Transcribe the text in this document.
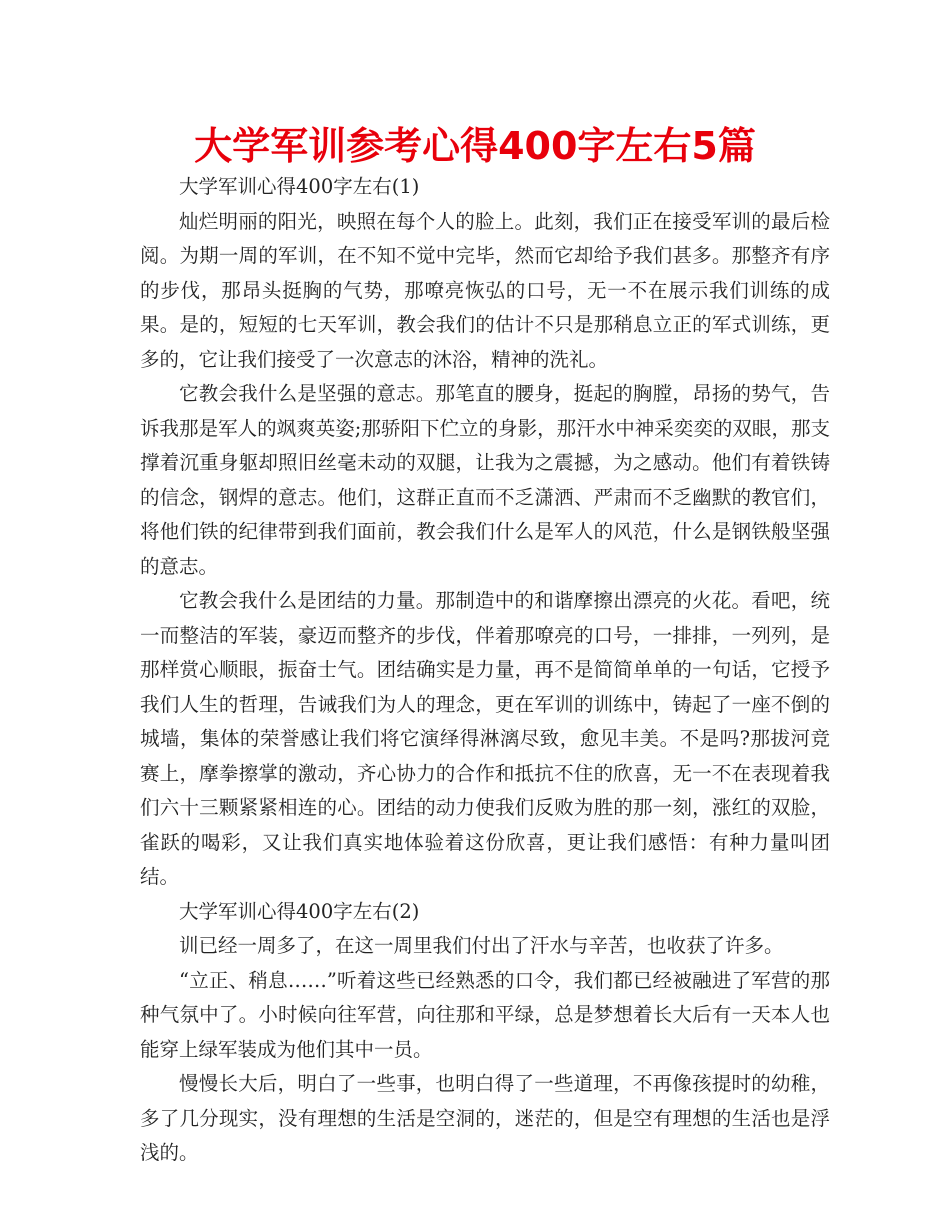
大学军训参考心得400字左右5篇

大学军训心得400字左右(1)

灿烂明丽的阳光，映照在每个人的脸上。此刻，我们正在接受军训的最后检阅。为期一周的军训，在不知不觉中完毕，然而它却给予我们甚多。那整齐有序的步伐，那昂头挺胸的气势，那嘹亮恢弘的口号，无一不在展示我们训练的成果。是的，短短的七天军训，教会我们的估计不只是那稍息立正的军式训练，更多的，它让我们接受了一次意志的沐浴，精神的洗礼。

它教会我什么是坚强的意志。那笔直的腰身，挺起的胸膛，昂扬的势气，告诉我那是军人的飒爽英姿;那骄阳下伫立的身影，那汗水中神采奕奕的双眼，那支撑着沉重身躯却照旧丝毫未动的双腿，让我为之震撼，为之感动。他们有着铁铸的信念，钢焊的意志。他们，这群正直而不乏潇洒、严肃而不乏幽默的教官们，将他们铁的纪律带到我们面前，教会我们什么是军人的风范，什么是钢铁般坚强的意志。

它教会我什么是团结的力量。那制造中的和谐摩擦出漂亮的火花。看吧，统一而整洁的军装，豪迈而整齐的步伐，伴着那嘹亮的口号，一排排，一列列，是那样赏心顺眼，振奋士气。团结确实是力量，再不是简简单单的一句话，它授予我们人生的哲理，告诫我们为人的理念，更在军训的训练中，铸起了一座不倒的城墙，集体的荣誉感让我们将它演绎得淋漓尽致，愈见丰美。不是吗?那拔河竞赛上，摩拳擦掌的激动，齐心协力的合作和抵抗不住的欣喜，无一不在表现着我们六十三颗紧紧相连的心。团结的动力使我们反败为胜的那一刻，涨红的双脸，雀跃的喝彩，又让我们真实地体验着这份欣喜，更让我们感悟：有种力量叫团结。

大学军训心得400字左右(2)

训已经一周多了，在这一周里我们付出了汗水与辛苦，也收获了许多。

“立正、稍息……”听着这些已经熟悉的口令，我们都已经被融进了军营的那种气氛中了。小时候向往军营，向往那和平绿，总是梦想着长大后有一天本人也能穿上绿军装成为他们其中一员。

慢慢长大后，明白了一些事，也明白得了一些道理，不再像孩提时的幼稚，多了几分现实，没有理想的生活是空洞的，迷茫的，但是空有理想的生活也是浮浅的。
